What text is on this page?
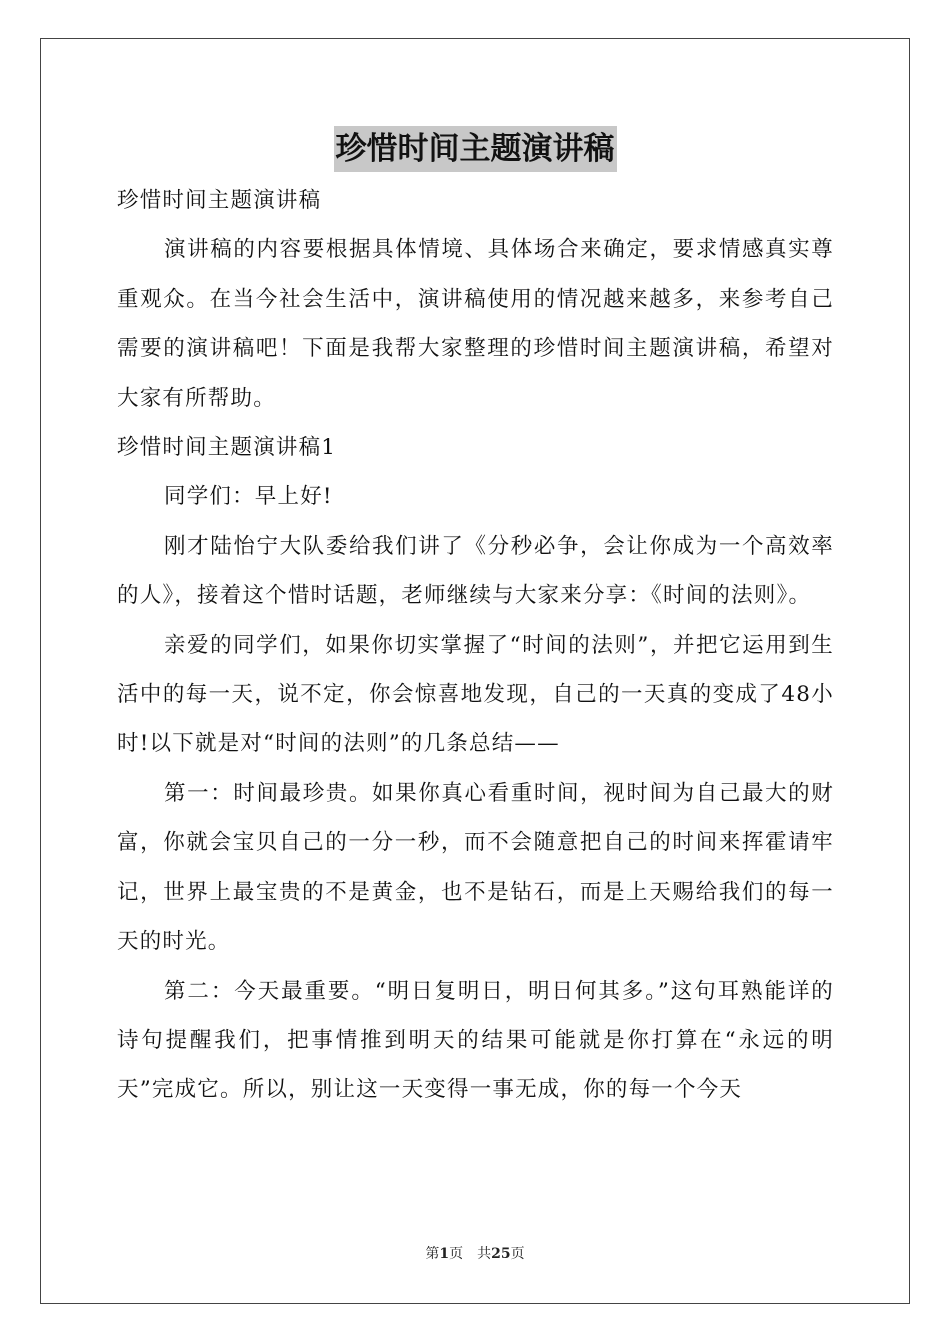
珍惜时间主题演讲稿

珍惜时间主题演讲稿

演讲稿的内容要根据具体情境、具体场合来确定，要求情感真实尊重观众。在当今社会生活中，演讲稿使用的情况越来越多，来参考自己需要的演讲稿吧！下面是我帮大家整理的珍惜时间主题演讲稿，希望对大家有所帮助。

珍惜时间主题演讲稿1

同学们：早上好!

刚才陆怡宁大队委给我们讲了《分秒必争，会让你成为一个高效率的人》，接着这个惜时话题，老师继续与大家来分享：《时间的法则》。

亲爱的同学们，如果你切实掌握了“时间的法则”，并把它运用到生活中的每一天，说不定，你会惊喜地发现，自己的一天真的变成了48小时!以下就是对“时间的法则”的几条总结——

第一：时间最珍贵。如果你真心看重时间，视时间为自己最大的财富，你就会宝贝自己的一分一秒，而不会随意把自己的时间来挥霍请牢记，世界上最宝贵的不是黄金，也不是钻石，而是上天赐给我们的每一天的时光。

第二：今天最重要。“明日复明日，明日何其多。”这句耳熟能详的诗句提醒我们，把事情推到明天的结果可能就是你打算在“永远的明天”完成它。所以，别让这一天变得一事无成，你的每一个今天

第1页 共25页
